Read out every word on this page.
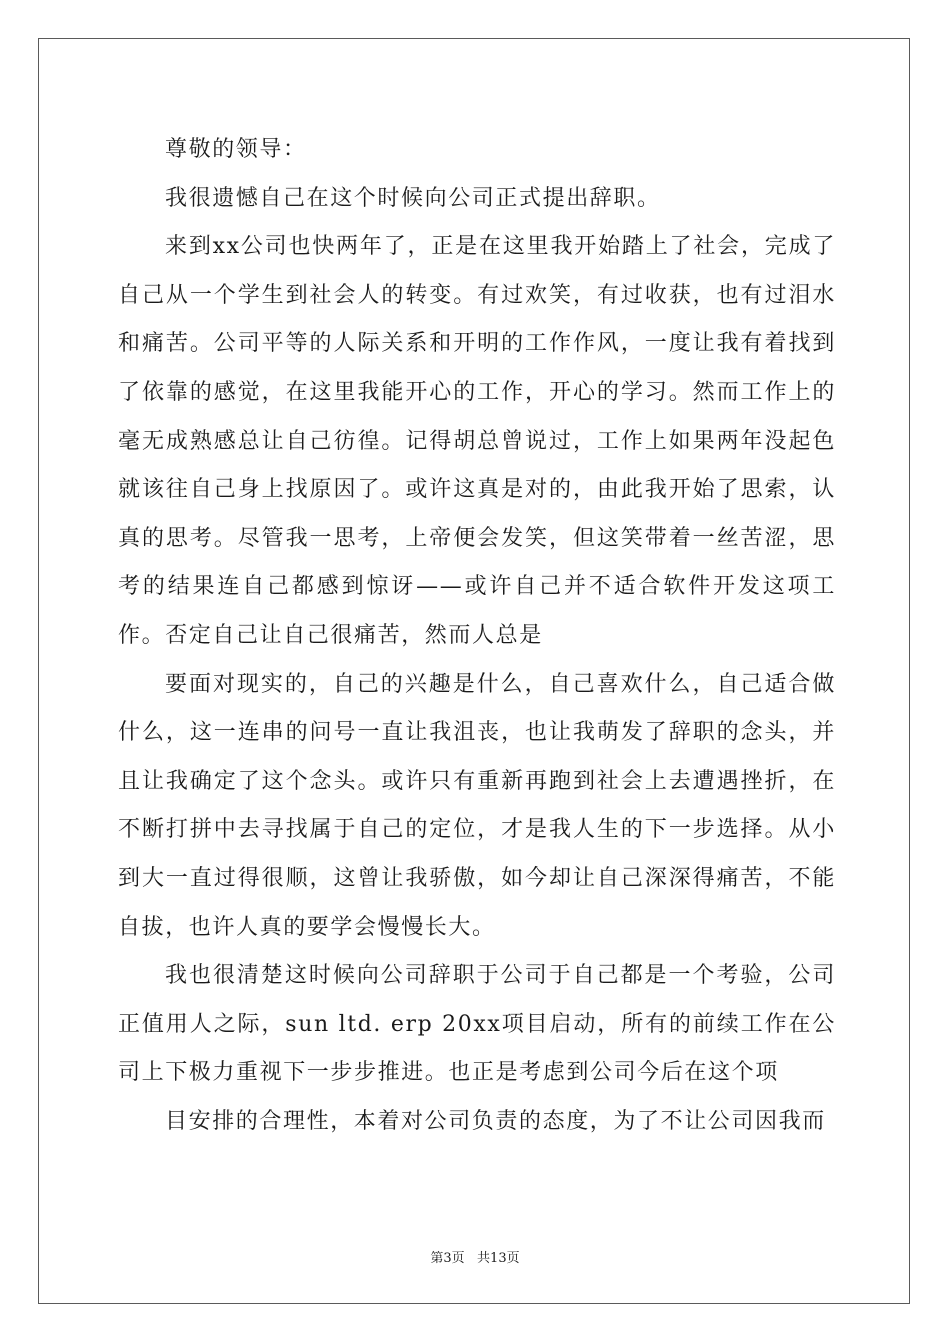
尊敬的领导：

我很遗憾自己在这个时候向公司正式提出辞职。

来到xx公司也快两年了，正是在这里我开始踏上了社会，完成了自己从一个学生到社会人的转变。有过欢笑，有过收获，也有过泪水和痛苦。公司平等的人际关系和开明的工作作风，一度让我有着找到了依靠的感觉，在这里我能开心的工作，开心的学习。然而工作上的毫无成熟感总让自己彷徨。记得胡总曾说过，工作上如果两年没起色就该往自己身上找原因了。或许这真是对的，由此我开始了思索，认真的思考。尽管我一思考，上帝便会发笑，但这笑带着一丝苦涩，思考的结果连自己都感到惊讶——或许自己并不适合软件开发这项工作。否定自己让自己很痛苦，然而人总是

要面对现实的，自己的兴趣是什么，自己喜欢什么，自己适合做什么，这一连串的问号一直让我沮丧，也让我萌发了辞职的念头，并且让我确定了这个念头。或许只有重新再跑到社会上去遭遇挫折，在不断打拼中去寻找属于自己的定位，才是我人生的下一步选择。从小到大一直过得很顺，这曾让我骄傲，如今却让自己深深得痛苦，不能自拔，也许人真的要学会慢慢长大。

我也很清楚这时候向公司辞职于公司于自己都是一个考验，公司正值用人之际，sun ltd. erp 20xx项目启动，所有的前续工作在公司上下极力重视下一步步推进。也正是考虑到公司今后在这个项

目安排的合理性，本着对公司负责的态度，为了不让公司因我而

第3页   共13页
